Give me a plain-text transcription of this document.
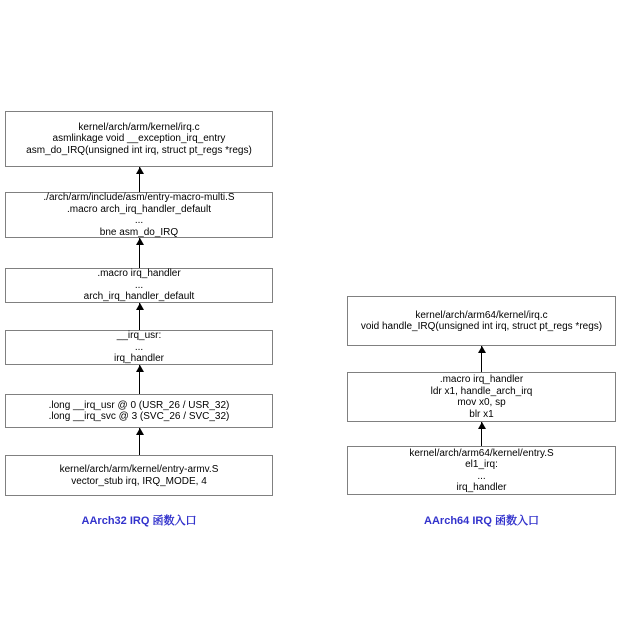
kernel/arch/arm/kernel/irq.c
asmlinkage void __exception_irq_entry
asm_do_IRQ(unsigned int irq, struct pt_regs *regs)
./arch/arm/include/asm/entry-macro-multi.S
.macro arch_irq_handler_default
...
bne asm_do_IRQ
.macro irq_handler
...
arch_irq_handler_default
__irq_usr:
...
irq_handler
.long __irq_usr @ 0 (USR_26 / USR_32)
.long __irq_svc @ 3 (SVC_26 / SVC_32)
kernel/arch/arm/kernel/entry-armv.S
vector_stub irq, IRQ_MODE, 4
AArch32 IRQ 函数入口
kernel/arch/arm64/kernel/irq.c
void handle_IRQ(unsigned int irq, struct pt_regs *regs)
.macro irq_handler
ldr x1, handle_arch_irq
mov x0, sp
blr x1
kernel/arch/arm64/kernel/entry.S
el1_irq:
...
irq_handler
AArch64 IRQ 函数入口
